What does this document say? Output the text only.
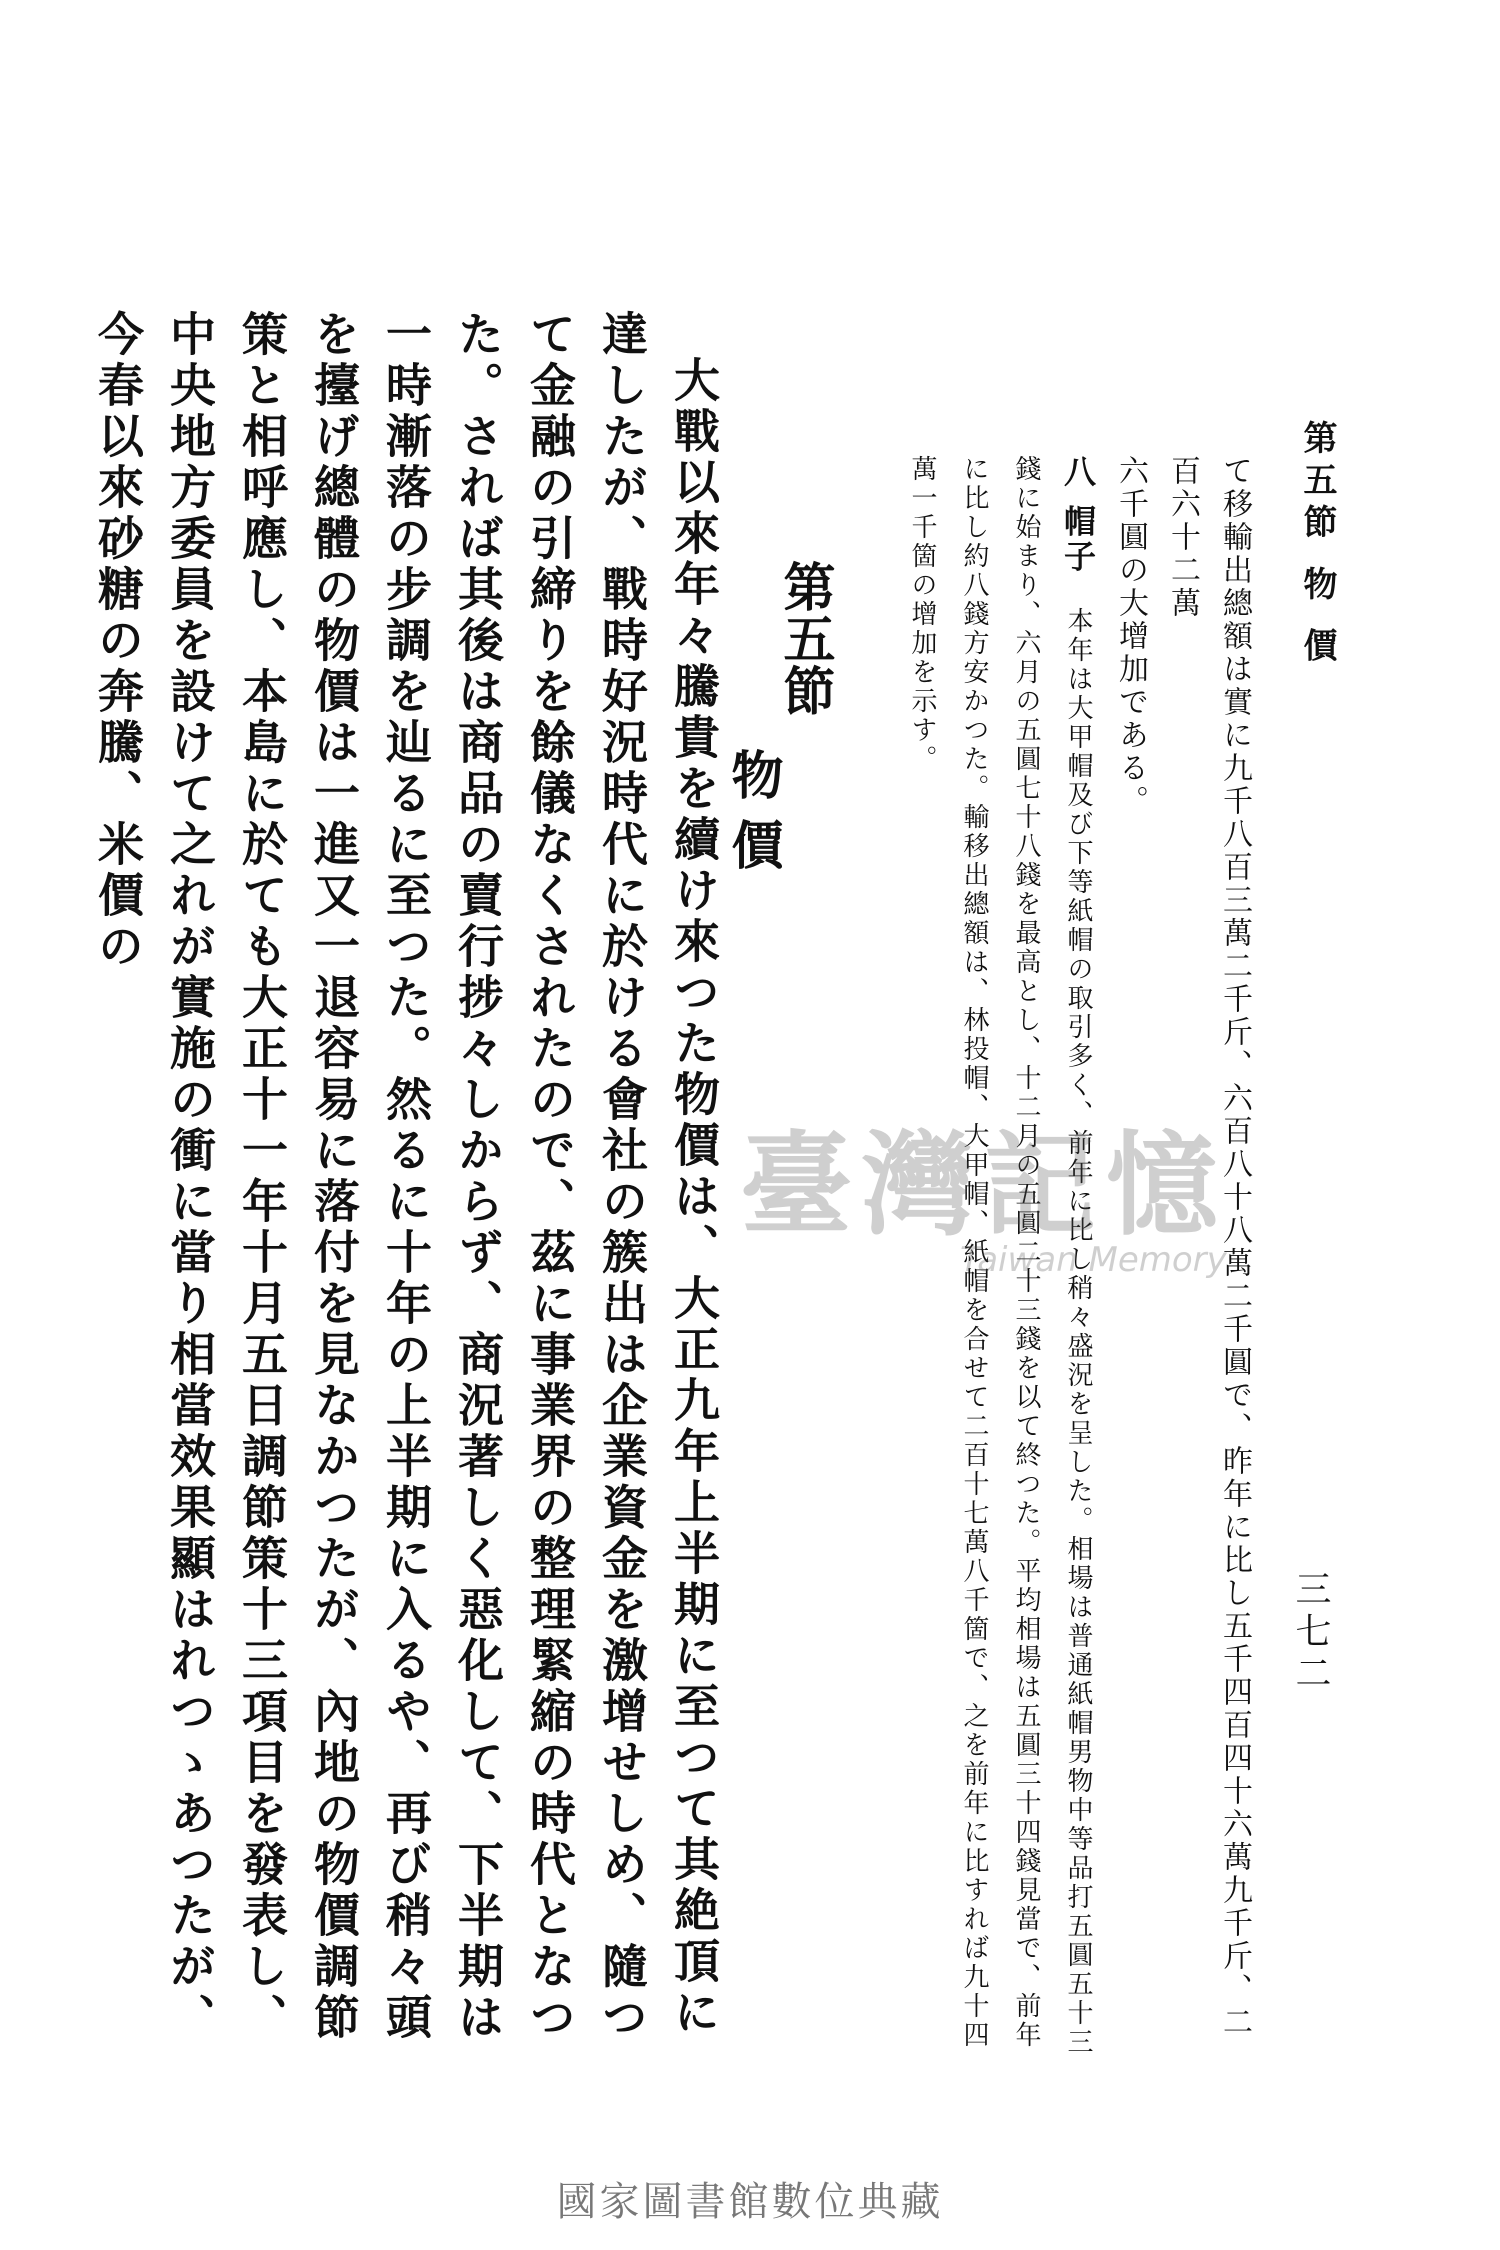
第五節 物 價
三七二

て移輸出總額は實に九千八百三萬二千斤、六百八十八萬二千圓で、昨年に比し五千四百四十六萬九千斤、二百六十二萬

六千圓の大增加である。

八 帽子　本年は大甲帽及び下等紙帽の取引多く、前年に比し稍々盛況を呈した。相場は普通紙帽男物中等品打五圓五十三錢に始まり、六月の五圓七十八錢を最高とし、十二月の五圓二十三錢を以て終つた。平均相場は五圓三十四錢見當で、前年に比し約八錢方安かつた。輸移出總額は、林投帽、大甲帽、紙帽を合せて二百十七萬八千箇で、之を前年に比すれば九十四萬一千箇の增加を示す。

第五節
物 價

大戰以來年々騰貴を續け來つた物價は、大正九年上半期に至つて其絶頂に達したが、戰時好況時代に於ける會社の簇出は企業資金を激增せしめ、隨つて金融の引締りを餘儀なくされたので、茲に事業界の整理緊縮の時代となつた。されば其後は商品の賣行捗々しからず、商況著しく惡化して、下半期は一時漸落の步調を辿るに至つた。然るに十年の上半期に入るや、再び稍々頭を擡げ總體の物價は一進又一退容易に落付を見なかつたが、內地の物價調節策と相呼應し、本島に於ても大正十一年十月五日調節策十三項目を發表し、中央地方委員を設けて之れが實施の衝に當り相當效果顯はれつゝあつたが、今春以來砂糖の奔騰、米價の

臺灣記憶
Taiwan Memory
國家圖書館數位典藏
